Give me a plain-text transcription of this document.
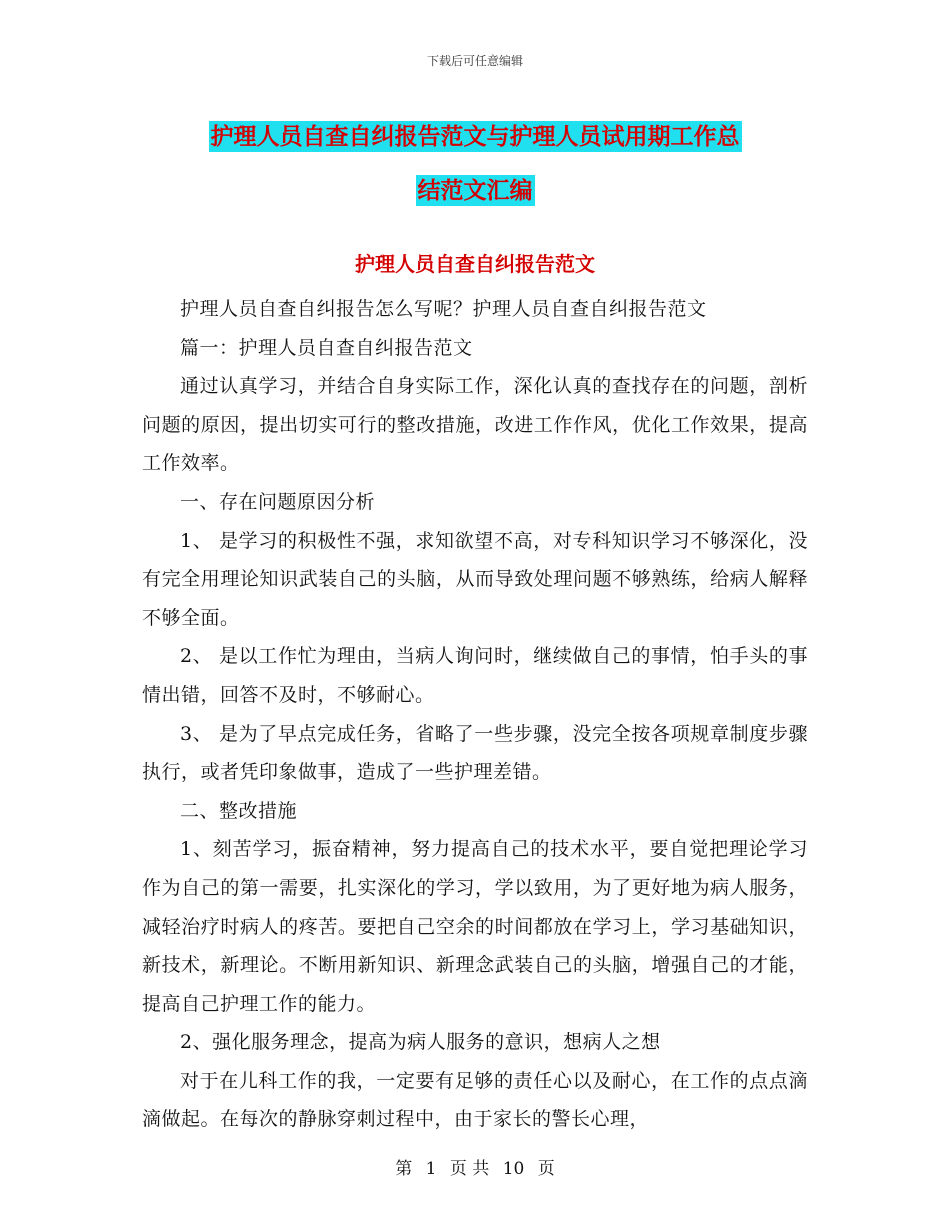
下载后可任意编辑
护理人员自查自纠报告范文与护理人员试用期工作总
结范文汇编
护理人员自查自纠报告范文

护理人员自查自纠报告怎么写呢？护理人员自查自纠报告范文

篇一：护理人员自查自纠报告范文

通过认真学习，并结合自身实际工作，深化认真的查找存在的问题，剖析问题的原因，提出切实可行的整改措施，改进工作作风，优化工作效果，提高工作效率。

一、存在问题原因分析

1、 是学习的积极性不强，求知欲望不高，对专科知识学习不够深化，没有完全用理论知识武装自己的头脑，从而导致处理问题不够熟练，给病人解释不够全面。

2、 是以工作忙为理由，当病人询问时，继续做自己的事情，怕手头的事情出错，回答不及时，不够耐心。

3、 是为了早点完成任务，省略了一些步骤，没完全按各项规章制度步骤执行，或者凭印象做事，造成了一些护理差错。

二、整改措施

1、刻苦学习，振奋精神，努力提高自己的技术水平，要自觉把理论学习作为自己的第一需要，扎实深化的学习，学以致用，为了更好地为病人服务，减轻治疗时病人的疼苦。要把自己空余的时间都放在学习上，学习基础知识，新技术，新理论。不断用新知识、新理念武装自己的头脑，增强自己的才能，提高自己护理工作的能力。

2、强化服务理念，提高为病人服务的意识，想病人之想

对于在儿科工作的我，一定要有足够的责任心以及耐心，在工作的点点滴滴做起。在每次的静脉穿刺过程中，由于家长的警长心理，

第 1 页 共 10 页
